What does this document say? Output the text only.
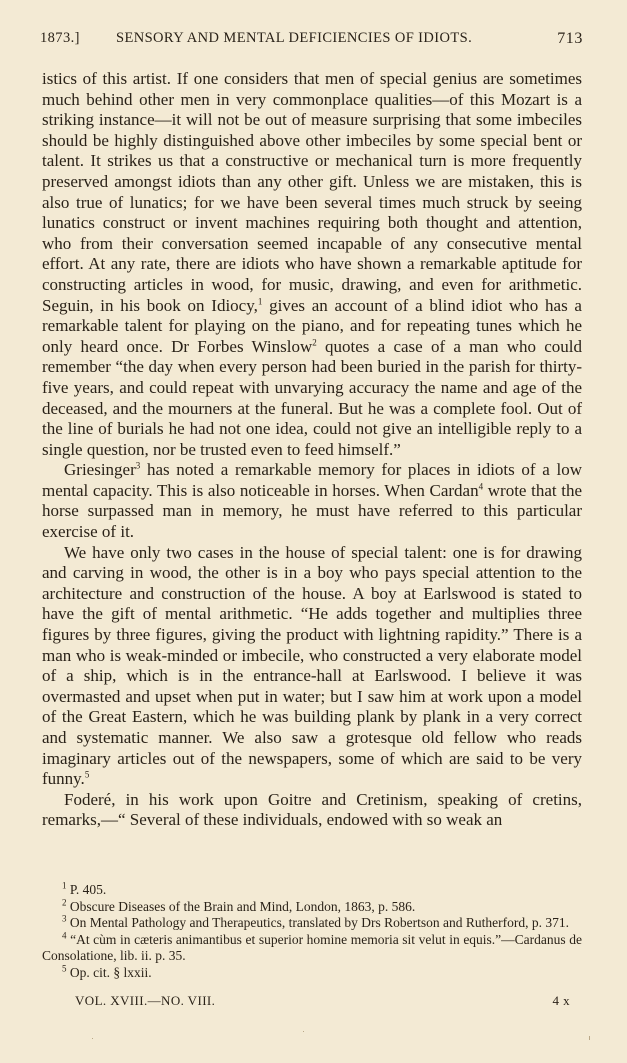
1873.] SENSORY AND MENTAL DEFICIENCIES OF IDIOTS.	713

istics of this artist. If one considers that men of special genius are sometimes much behind other men in very commonplace qualities—of this Mozart is a striking instance—it will not be out of measure surprising that some imbeciles should be highly distinguished above other imbeciles by some special bent or talent. It strikes us that a constructive or mechanical turn is more frequently preserved amongst idiots than any other gift. Unless we are mistaken, this is also true of lunatics; for we have been several times much struck by seeing lunatics construct or invent machines requiring both thought and attention, who from their conversation seemed incapable of any consecutive mental effort. At any rate, there are idiots who have shown a remarkable aptitude for constructing articles in wood, for music, drawing, and even for arithmetic. Seguin, in his book on Idiocy,$^1$ gives an account of a blind idiot who has a remarkable talent for playing on the piano, and for repeating tunes which he only heard once. Dr Forbes Winslow$^2$ quotes a case of a man who could remember “the day when every person had been buried in the parish for thirty-five years, and could repeat with unvarying accuracy the name and age of the deceased, and the mourners at the funeral. But he was a complete fool. Out of the line of burials he had not one idea, could not give an intelligible reply to a single question, nor be trusted even to feed himself.”

Griesinger$^3$ has noted a remarkable memory for places in idiots of a low mental capacity. This is also noticeable in horses. When Cardan$^4$ wrote that the horse surpassed man in memory, he must have referred to this particular exercise of it.

We have only two cases in the house of special talent: one is for drawing and carving in wood, the other is in a boy who pays special attention to the architecture and construction of the house. A boy at Earlswood is stated to have the gift of mental arithmetic. “He adds together and multiplies three figures by three figures, giving the product with lightning rapidity.” There is a man who is weak-minded or imbecile, who constructed a very elaborate model of a ship, which is in the entrance-hall at Earlswood. I believe it was overmasted and upset when put in water; but I saw him at work upon a model of the Great Eastern, which he was building plank by plank in a very correct and systematic manner. We also saw a grotesque old fellow who reads imaginary articles out of the newspapers, some of which are said to be very funny.$^5$

Foderé, in his work upon Goitre and Cretinism, speaking of cretins, remarks,—“ Several of these individuals, endowed with so weak an

$^1$ P. 405.

$^2$ Obscure Diseases of the Brain and Mind, London, 1863, p. 586.

$^3$ On Mental Pathology and Therapeutics, translated by Drs Robertson and Rutherford, p. 371.

$^4$ “At cùm in cæteris animantibus et superior homine memoria sit velut in equis.”—Cardanus de Consolatione, lib. ii. p. 35.

$^5$ Op. cit. § lxxii.

VOL. XVIII.—NO. VIII.	4 x
